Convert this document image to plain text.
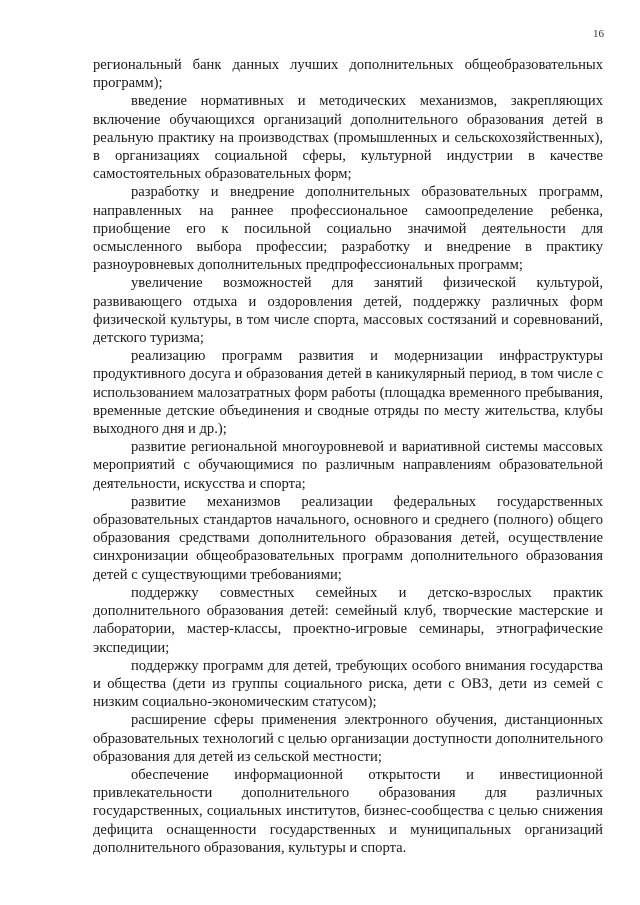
16

региональный банк данных лучших дополнительных общеобразовательных программ);

введение нормативных и методических механизмов, закрепляющих включение обучающихся организаций дополнительного образования детей в реальную практику на производствах (промышленных и сельскохозяйственных), в организациях социальной сферы, культурной индустрии в качестве самостоятельных образовательных форм;

разработку и внедрение дополнительных образовательных программ, направленных на раннее профессиональное самоопределение ребенка, приобщение его к посильной социально значимой деятельности для осмысленного выбора профессии; разработку и внедрение в практику разноуровневых дополнительных предпрофессиональных программ;

увеличение возможностей для занятий физической культурой, развивающего отдыха и оздоровления детей, поддержку различных форм физической культуры, в том числе спорта, массовых состязаний и соревнований, детского туризма;

реализацию программ развития и модернизации инфраструктуры продуктивного досуга и образования детей в каникулярный период, в том числе с использованием малозатратных форм работы (площадка временного пребывания, временные детские объединения и сводные отряды по месту жительства, клубы выходного дня и др.);

развитие региональной многоуровневой и вариативной системы массовых мероприятий с обучающимися по различным направлениям образовательной деятельности, искусства и спорта;

развитие механизмов реализации федеральных государственных образовательных стандартов начального, основного и среднего (полного) общего образования средствами дополнительного образования детей, осуществление синхронизации общеобразовательных программ дополнительного образования детей с существующими требованиями;

поддержку совместных семейных и детско-взрослых практик дополнительного образования детей: семейный клуб, творческие мастерские и лаборатории, мастер-классы, проектно-игровые семинары, этнографические экспедиции;

поддержку программ для детей, требующих особого внимания государства и общества (дети из группы социального риска, дети с ОВЗ, дети из семей с низким социально-экономическим статусом);

расширение сферы применения электронного обучения, дистанционных образовательных технологий с целью организации доступности дополнительного образования для детей из сельской местности;

обеспечение информационной открытости и инвестиционной привлекательности дополнительного образования для различных государственных, социальных институтов, бизнес-сообщества с целью снижения дефицита оснащенности государственных и муниципальных организаций дополнительного образования, культуры и спорта.
